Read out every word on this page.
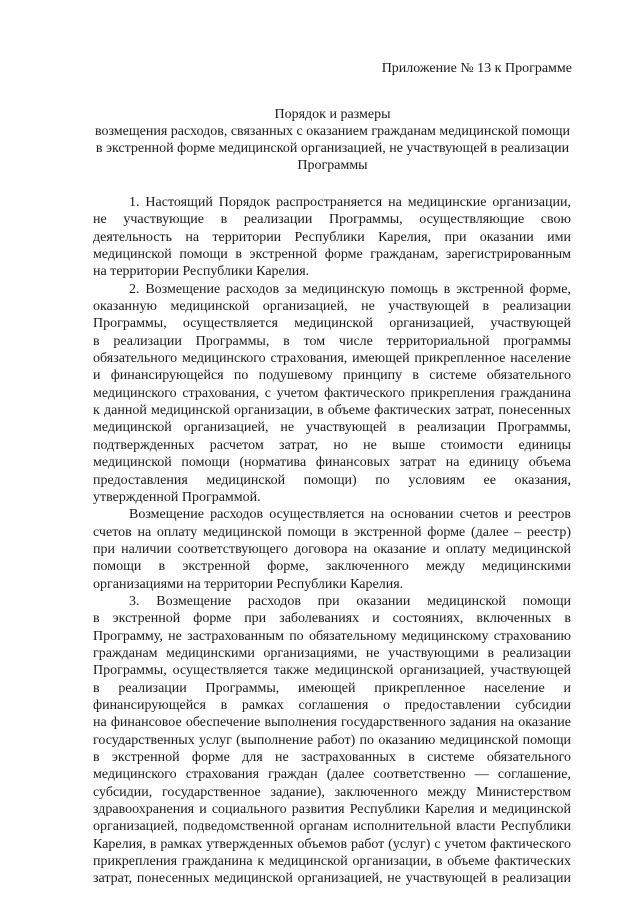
Приложение № 13 к Программе
Порядок и размеры
возмещения расходов, связанных с оказанием гражданам медицинской помощи
в экстренной форме медицинской организацией, не участвующей в реализации
Программы
1. Настоящий Порядок распространяется на медицинские организации,
не участвующие в реализации Программы, осуществляющие свою
деятельность на территории Республики Карелия, при оказании ими
медицинской помощи в экстренной форме гражданам, зарегистрированным
на территории Республики Карелия.
2. Возмещение расходов за медицинскую помощь в экстренной форме,
оказанную медицинской организацией, не участвующей в реализации
Программы, осуществляется медицинской организацией, участвующей
в реализации Программы, в том числе территориальной программы
обязательного медицинского страхования, имеющей прикрепленное население
и финансирующейся по подушевому принципу в системе обязательного
медицинского страхования, с учетом фактического прикрепления гражданина
к данной медицинской организации, в объеме фактических затрат, понесенных
медицинской организацией, не участвующей в реализации Программы,
подтвержденных расчетом затрат, но не выше стоимости единицы
медицинской помощи (норматива финансовых затрат на единицу объема
предоставления медицинской помощи) по условиям ее оказания,
утвержденной Программой.
Возмещение расходов осуществляется на основании счетов и реестров
счетов на оплату медицинской помощи в экстренной форме (далее – реестр)
при наличии соответствующего договора на оказание и оплату медицинской
помощи в экстренной форме, заключенного между медицинскими
организациями на территории Республики Карелия.
3. Возмещение расходов при оказании медицинской помощи
в экстренной форме при заболеваниях и состояниях, включенных в
Программу, не застрахованным по обязательному медицинскому страхованию
гражданам медицинскими организациями, не участвующими в реализации
Программы, осуществляется также медицинской организацией, участвующей
в реализации Программы, имеющей прикрепленное население и
финансирующейся в рамках соглашения о предоставлении субсидии
на финансовое обеспечение выполнения государственного задания на оказание
государственных услуг (выполнение работ) по оказанию медицинской помощи
в экстренной форме для не застрахованных в системе обязательного
медицинского страхования граждан (далее соответственно — соглашение,
субсидии, государственное задание), заключенного между Министерством
здравоохранения и социального развития Республики Карелия и медицинской
организацией, подведомственной органам исполнительной власти Республики
Карелия, в рамках утвержденных объемов работ (услуг) с учетом фактического
прикрепления гражданина к медицинской организации, в объеме фактических
затрат, понесенных медицинской организацией, не участвующей в реализации
